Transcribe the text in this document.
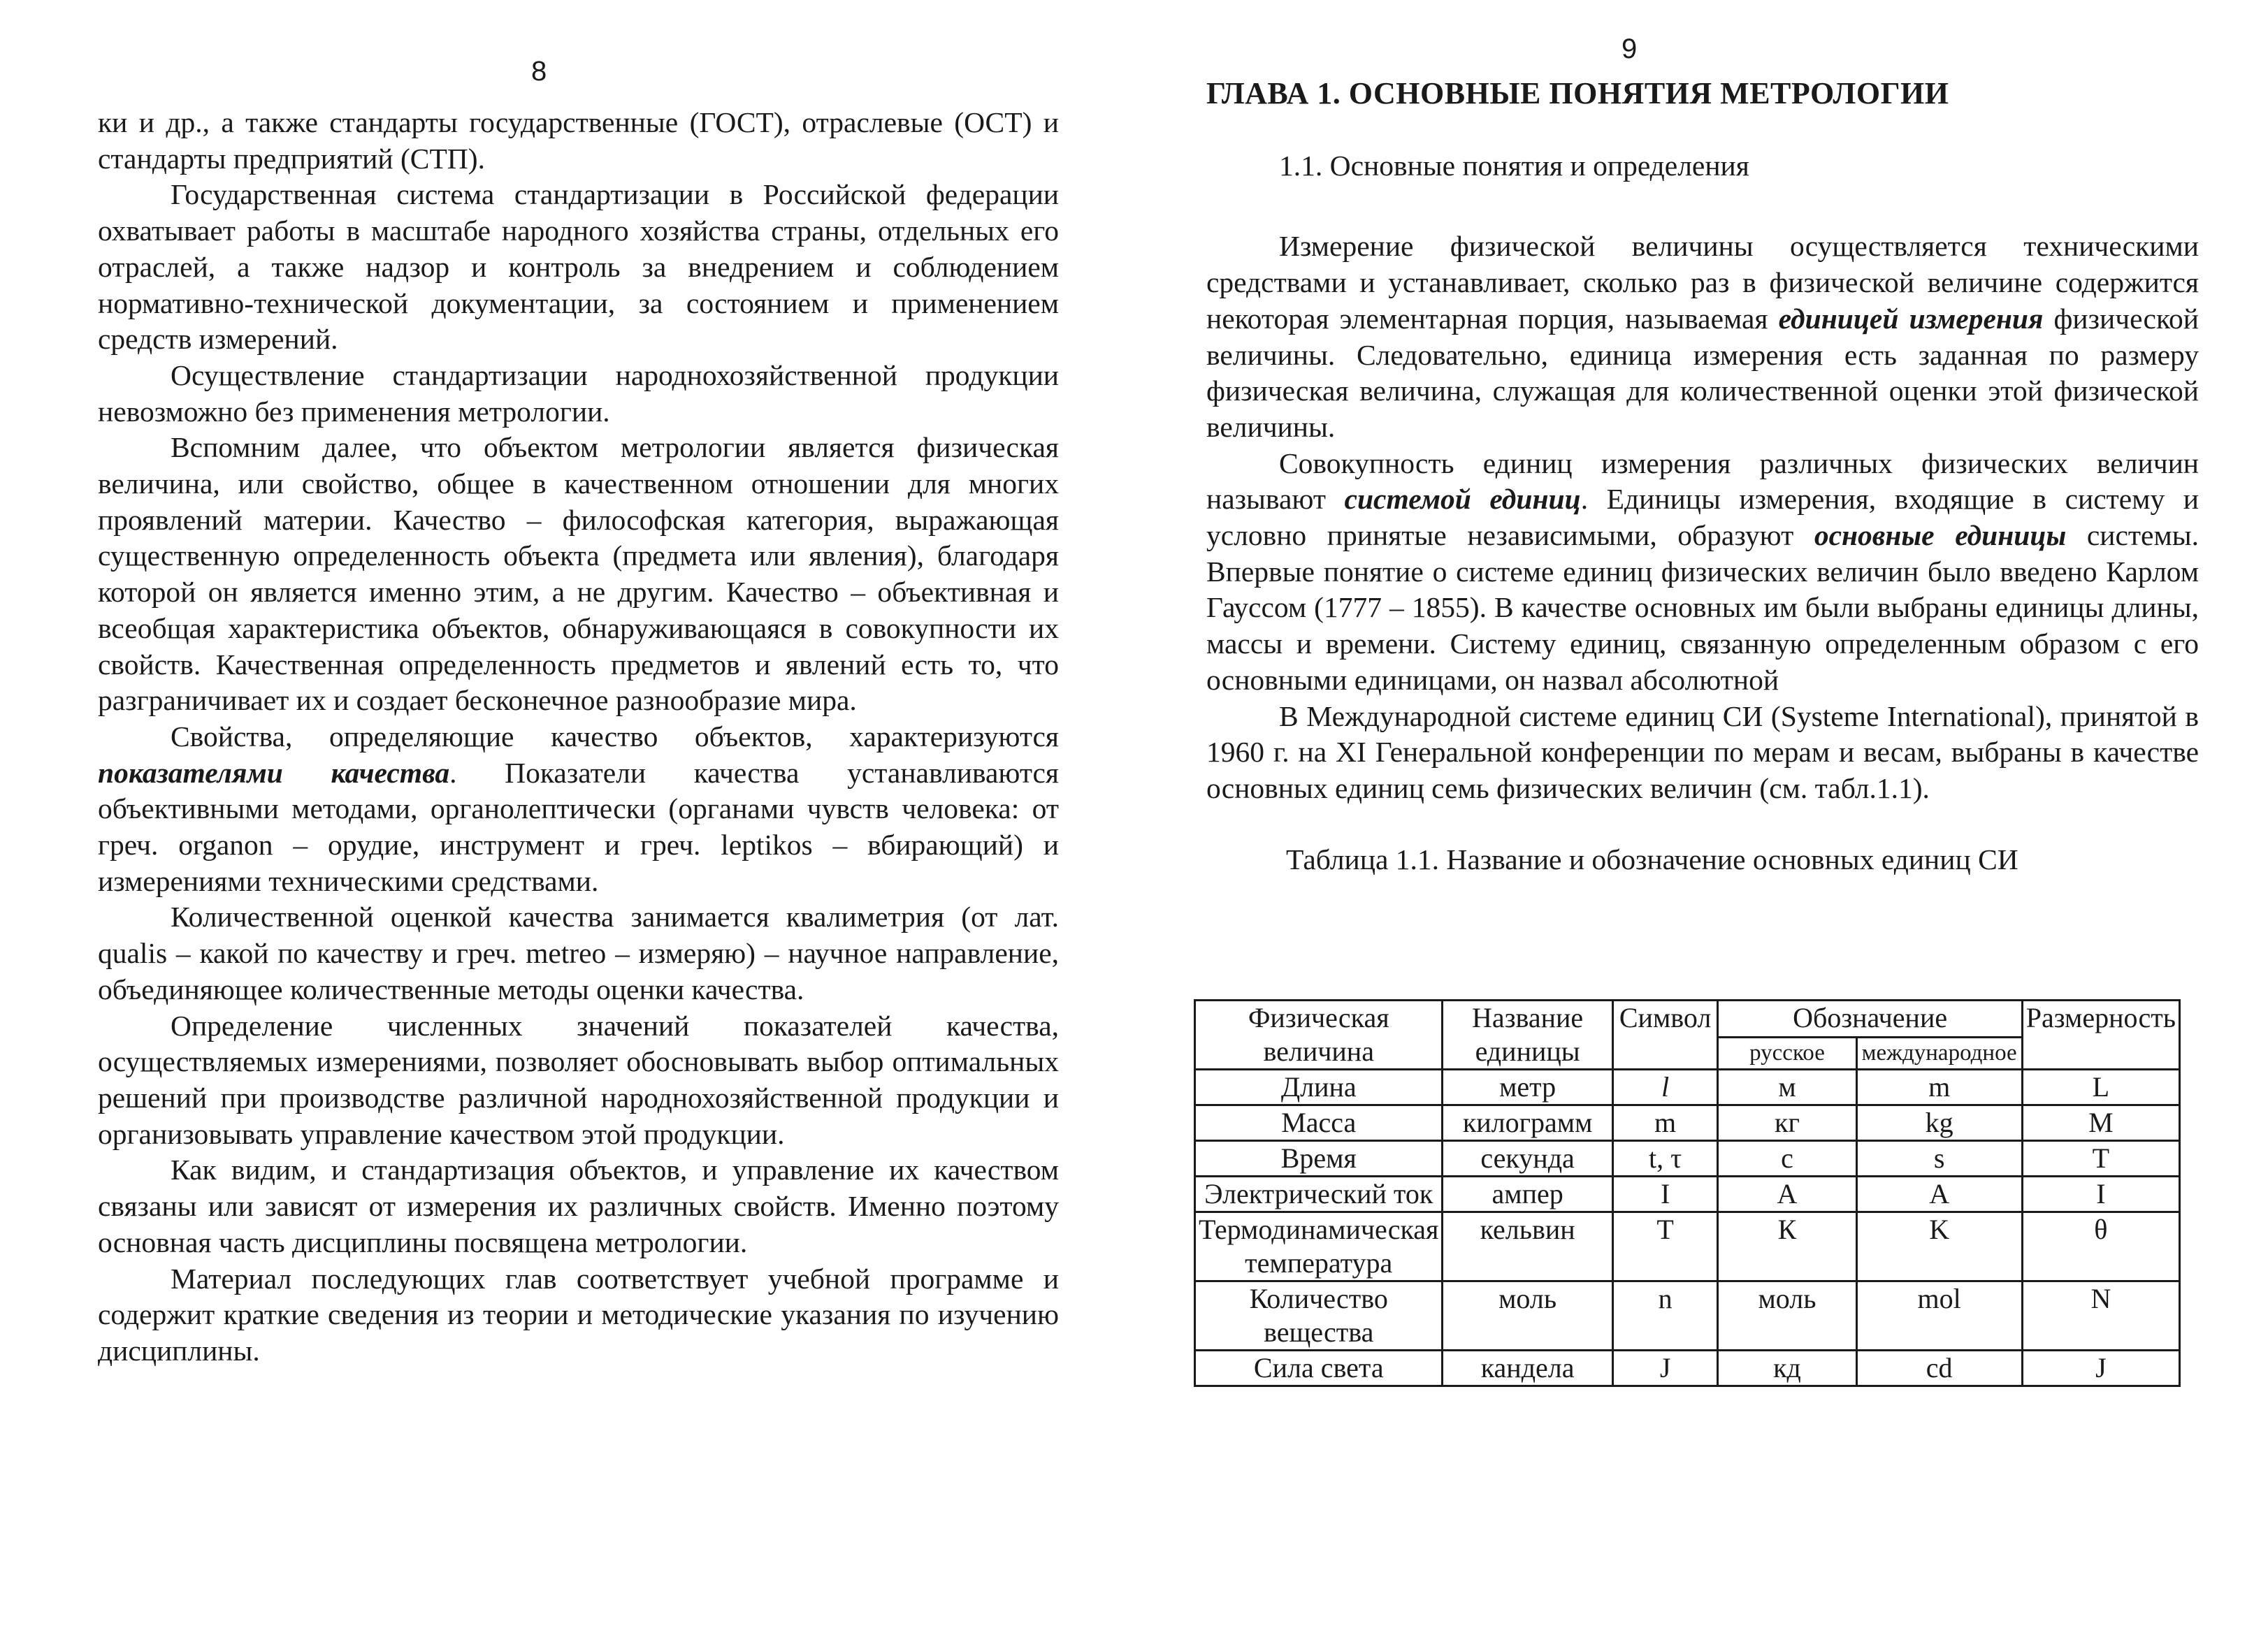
8

ки и др., а также стандарты государственные (ГОСТ), отраслевые (ОСТ) и стандарты предприятий (СТП).

Государственная система стандартизации в Российской федерации охватывает работы в масштабе народного хозяйства страны, отдельных его отраслей, а также надзор и контроль за внедрением и соблюдением нормативно-технической документации, за состоянием и применением средств измерений.

Осуществление стандартизации народнохозяйственной продукции невозможно без применения метрологии.

Вспомним далее, что объектом метрологии является физическая величина, или свойство, общее в качественном отношении для многих проявлений материи. Качество – философская категория, выражающая существенную определенность объекта (предмета или явления), благодаря которой он является именно этим, а не другим. Качество – объективная и всеобщая характеристика объектов, обнаруживающаяся в совокупности их свойств. Качественная определенность предметов и явлений есть то, что разграничивает их и создает бесконечное разнообразие мира.

Свойства, определяющие качество объектов, характеризуются показателями качества. Показатели качества устанавливаются объективными методами, органолептически (органами чувств человека: от греч. organon – орудие, инструмент и греч. leptikos – вбирающий) и измерениями техническими средствами.

Количественной оценкой качества занимается квалиметрия (от лат. qualis – какой по качеству и греч. metreo – измеряю) – научное направление, объединяющее количественные методы оценки качества.

Определение численных значений показателей качества, осуществляемых измерениями, позволяет обосновывать выбор оптимальных решений при производстве различной народнохозяйственной продукции и организовывать управление качеством этой продукции.

Как видим, и стандартизация объектов, и управление их качеством связаны или зависят от измерения их различных свойств. Именно поэтому основная часть дисциплины посвящена метрологии.

Материал последующих глав соответствует учебной программе и содержит краткие сведения из теории и методические указания по изучению дисциплины.

9

ГЛАВА 1. ОСНОВНЫЕ ПОНЯТИЯ МЕТРОЛОГИИ

1.1. Основные понятия и определения

Измерение физической величины осуществляется техническими средствами и устанавливает, сколько раз в физической величине содержится некоторая элементарная порция, называемая единицей измерения физической величины. Следовательно, единица измерения есть заданная по размеру физическая величина, служащая для количественной оценки этой физической величины.

Совокупность единиц измерения различных физических величин называют системой единиц. Единицы измерения, входящие в систему и условно принятые независимыми, образуют основные единицы системы. Впервые понятие о системе единиц физических величин было введено Карлом Гауссом (1777 – 1855). В качестве основных им были выбраны единицы длины, массы и времени. Систему единиц, связанную определенным образом с его основными единицами, он назвал абсолютной

В Международной системе единиц СИ (Systeme International), принятой в 1960 г. на XI Генеральной конференции по мерам и весам, выбраны в качестве основных единиц семь физических величин (см. табл.1.1).

Таблица 1.1. Название и обозначение основных единиц СИ

Физическая величина	Название единицы	Символ	Обозначение		Размерность
			русское	международное	
Длина	метр	l	м	m	L
Масса	килограмм	m	кг	kg	M
Время	секунда	t, τ	с	s	T
Электрический ток	ампер	I	А	A	I
Термодинамическая температура	кельвин	T	К	K	θ
Количество вещества	моль	n	моль	mol	N
Сила света	кандела	J	кд	cd	J
